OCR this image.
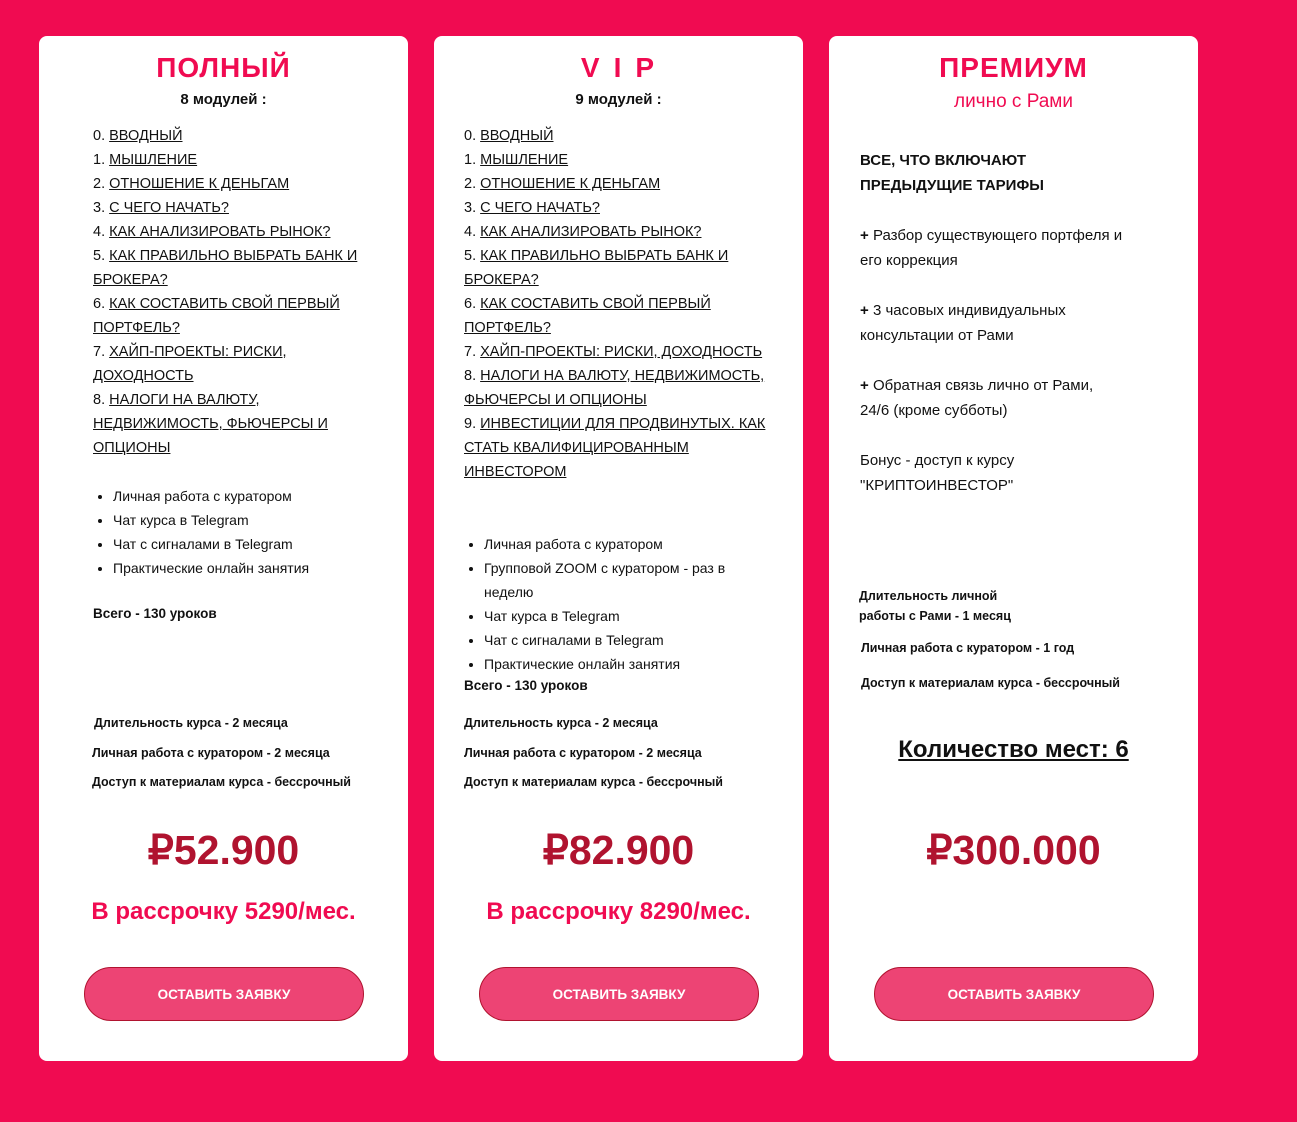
ПОЛНЫЙ
8 модулей :
0. ВВОДНЫЙ
1. МЫШЛЕНИЕ
2. ОТНОШЕНИЕ К ДЕНЬГАМ
3. С ЧЕГО НАЧАТЬ?
4. КАК АНАЛИЗИРОВАТЬ РЫНОК?
5. КАК ПРАВИЛЬНО ВЫБРАТЬ БАНК И БРОКЕРА?
6. КАК СОСТАВИТЬ СВОЙ ПЕРВЫЙ ПОРТФЕЛЬ?
7. ХАЙП-ПРОЕКТЫ: РИСКИ, ДОХОДНОСТЬ
8. НАЛОГИ НА ВАЛЮТУ, НЕДВИЖИМОСТЬ, ФЬЮЧЕРСЫ И ОПЦИОНЫ
• Личная работа с куратором
• Чат курса в Telegram
• Чат с сигналами в Telegram
• Практические онлайн занятия
Всего - 130 уроков
Длительность курса - 2 месяца
Личная работа с куратором - 2 месяца
Доступ к материалам курса - бессрочный
₽52.900
В рассрочку 5290/мес.
ОСТАВИТЬ ЗАЯВКУ
VIP
9 модулей :
0. ВВОДНЫЙ
1. МЫШЛЕНИЕ
2. ОТНОШЕНИЕ К ДЕНЬГАМ
3. С ЧЕГО НАЧАТЬ?
4. КАК АНАЛИЗИРОВАТЬ РЫНОК?
5. КАК ПРАВИЛЬНО ВЫБРАТЬ БАНК И БРОКЕРА?
6. КАК СОСТАВИТЬ СВОЙ ПЕРВЫЙ ПОРТФЕЛЬ?
7. ХАЙП-ПРОЕКТЫ: РИСКИ, ДОХОДНОСТЬ
8. НАЛОГИ НА ВАЛЮТУ, НЕДВИЖИМОСТЬ, ФЬЮЧЕРСЫ И ОПЦИОНЫ
9. ИНВЕСТИЦИИ ДЛЯ ПРОДВИНУТЫХ. КАК СТАТЬ КВАЛИФИЦИРОВАННЫМ ИНВЕСТОРОМ
• Личная работа с куратором
• Групповой ZOOM с куратором - раз в неделю
• Чат курса в Telegram
• Чат с сигналами в Telegram
• Практические онлайн занятия
Всего - 130 уроков
Длительность курса - 2 месяца
Личная работа с куратором - 2 месяца
Доступ к материалам курса - бессрочный
₽82.900
В рассрочку 8290/мес.
ОСТАВИТЬ ЗАЯВКУ
ПРЕМИУМ
лично с Рами
ВСЕ, ЧТО ВКЛЮЧАЮТ ПРЕДЫДУЩИЕ ТАРИФЫ
+ Разбор существующего портфеля и его коррекция
+ 3 часовых индивидуальных консультации от Рами
+ Обратная связь лично от Рами, 24/6 (кроме субботы)
Бонус - доступ к курсу "КРИПТОИНВЕСТОР"
Длительность личной работы с Рами - 1 месяц
Личная работа с куратором - 1 год
Доступ к материалам курса - бессрочный
Количество мест: 6
₽300.000
ОСТАВИТЬ ЗАЯВКУ
